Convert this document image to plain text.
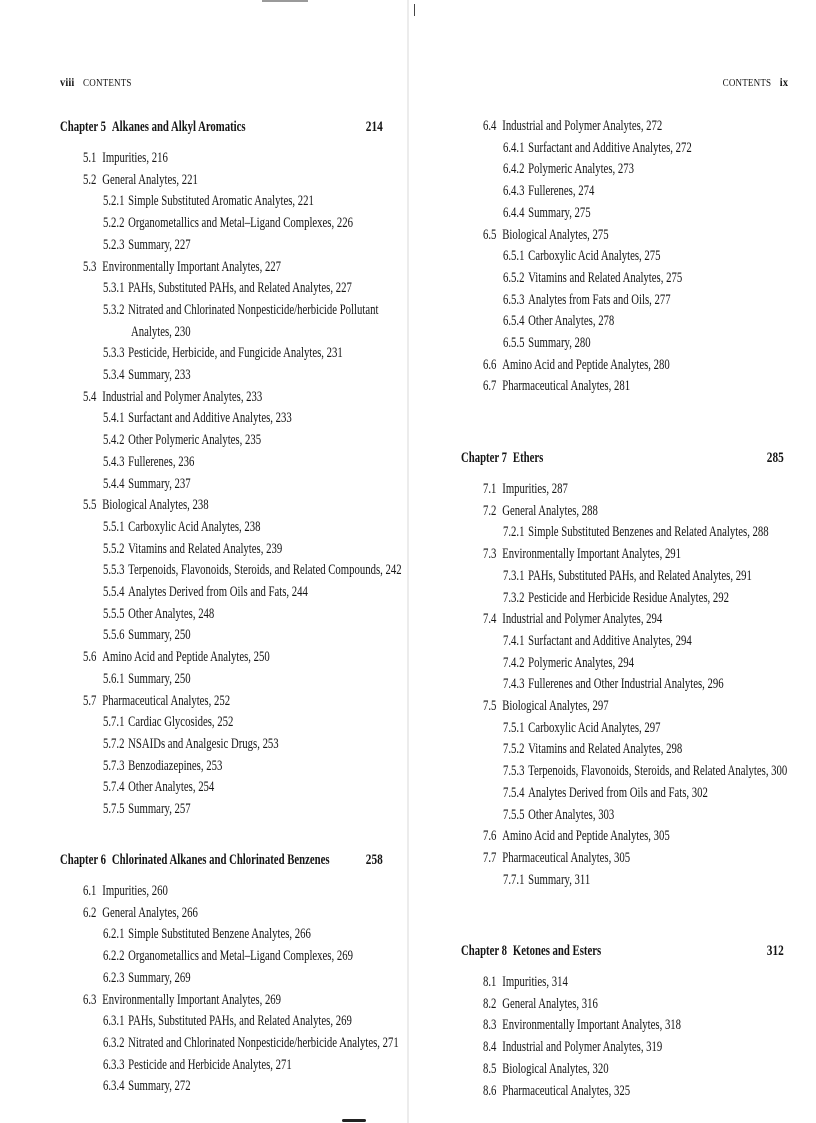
viii CONTENTS
Chapter 5 Alkanes and Alkyl Aromatics	214
5.1 Impurities, 216
5.2 General Analytes, 221
5.2.1 Simple Substituted Aromatic Analytes, 221
5.2.2 Organometallics and Metal–Ligand Complexes, 226
5.2.3 Summary, 227
5.3 Environmentally Important Analytes, 227
5.3.1 PAHs, Substituted PAHs, and Related Analytes, 227
5.3.2 Nitrated and Chlorinated Nonpesticide/herbicide Pollutant
Analytes, 230
5.3.3 Pesticide, Herbicide, and Fungicide Analytes, 231
5.3.4 Summary, 233
5.4 Industrial and Polymer Analytes, 233
5.4.1 Surfactant and Additive Analytes, 233
5.4.2 Other Polymeric Analytes, 235
5.4.3 Fullerenes, 236
5.4.4 Summary, 237
5.5 Biological Analytes, 238
5.5.1 Carboxylic Acid Analytes, 238
5.5.2 Vitamins and Related Analytes, 239
5.5.3 Terpenoids, Flavonoids, Steroids, and Related Compounds, 242
5.5.4 Analytes Derived from Oils and Fats, 244
5.5.5 Other Analytes, 248
5.5.6 Summary, 250
5.6 Amino Acid and Peptide Analytes, 250
5.6.1 Summary, 250
5.7 Pharmaceutical Analytes, 252
5.7.1 Cardiac Glycosides, 252
5.7.2 NSAIDs and Analgesic Drugs, 253
5.7.3 Benzodiazepines, 253
5.7.4 Other Analytes, 254
5.7.5 Summary, 257
Chapter 6 Chlorinated Alkanes and Chlorinated Benzenes	258
6.1 Impurities, 260
6.2 General Analytes, 266
6.2.1 Simple Substituted Benzene Analytes, 266
6.2.2 Organometallics and Metal–Ligand Complexes, 269
6.2.3 Summary, 269
6.3 Environmentally Important Analytes, 269
6.3.1 PAHs, Substituted PAHs, and Related Analytes, 269
6.3.2 Nitrated and Chlorinated Nonpesticide/herbicide Analytes, 271
6.3.3 Pesticide and Herbicide Analytes, 271
6.3.4 Summary, 272
CONTENTS ix
6.4 Industrial and Polymer Analytes, 272
6.4.1 Surfactant and Additive Analytes, 272
6.4.2 Polymeric Analytes, 273
6.4.3 Fullerenes, 274
6.4.4 Summary, 275
6.5 Biological Analytes, 275
6.5.1 Carboxylic Acid Analytes, 275
6.5.2 Vitamins and Related Analytes, 275
6.5.3 Analytes from Fats and Oils, 277
6.5.4 Other Analytes, 278
6.5.5 Summary, 280
6.6 Amino Acid and Peptide Analytes, 280
6.7 Pharmaceutical Analytes, 281
Chapter 7 Ethers	285
7.1 Impurities, 287
7.2 General Analytes, 288
7.2.1 Simple Substituted Benzenes and Related Analytes, 288
7.3 Environmentally Important Analytes, 291
7.3.1 PAHs, Substituted PAHs, and Related Analytes, 291
7.3.2 Pesticide and Herbicide Residue Analytes, 292
7.4 Industrial and Polymer Analytes, 294
7.4.1 Surfactant and Additive Analytes, 294
7.4.2 Polymeric Analytes, 294
7.4.3 Fullerenes and Other Industrial Analytes, 296
7.5 Biological Analytes, 297
7.5.1 Carboxylic Acid Analytes, 297
7.5.2 Vitamins and Related Analytes, 298
7.5.3 Terpenoids, Flavonoids, Steroids, and Related Analytes, 300
7.5.4 Analytes Derived from Oils and Fats, 302
7.5.5 Other Analytes, 303
7.6 Amino Acid and Peptide Analytes, 305
7.7 Pharmaceutical Analytes, 305
7.7.1 Summary, 311
Chapter 8 Ketones and Esters	312
8.1 Impurities, 314
8.2 General Analytes, 316
8.3 Environmentally Important Analytes, 318
8.4 Industrial and Polymer Analytes, 319
8.5 Biological Analytes, 320
8.6 Pharmaceutical Analytes, 325
